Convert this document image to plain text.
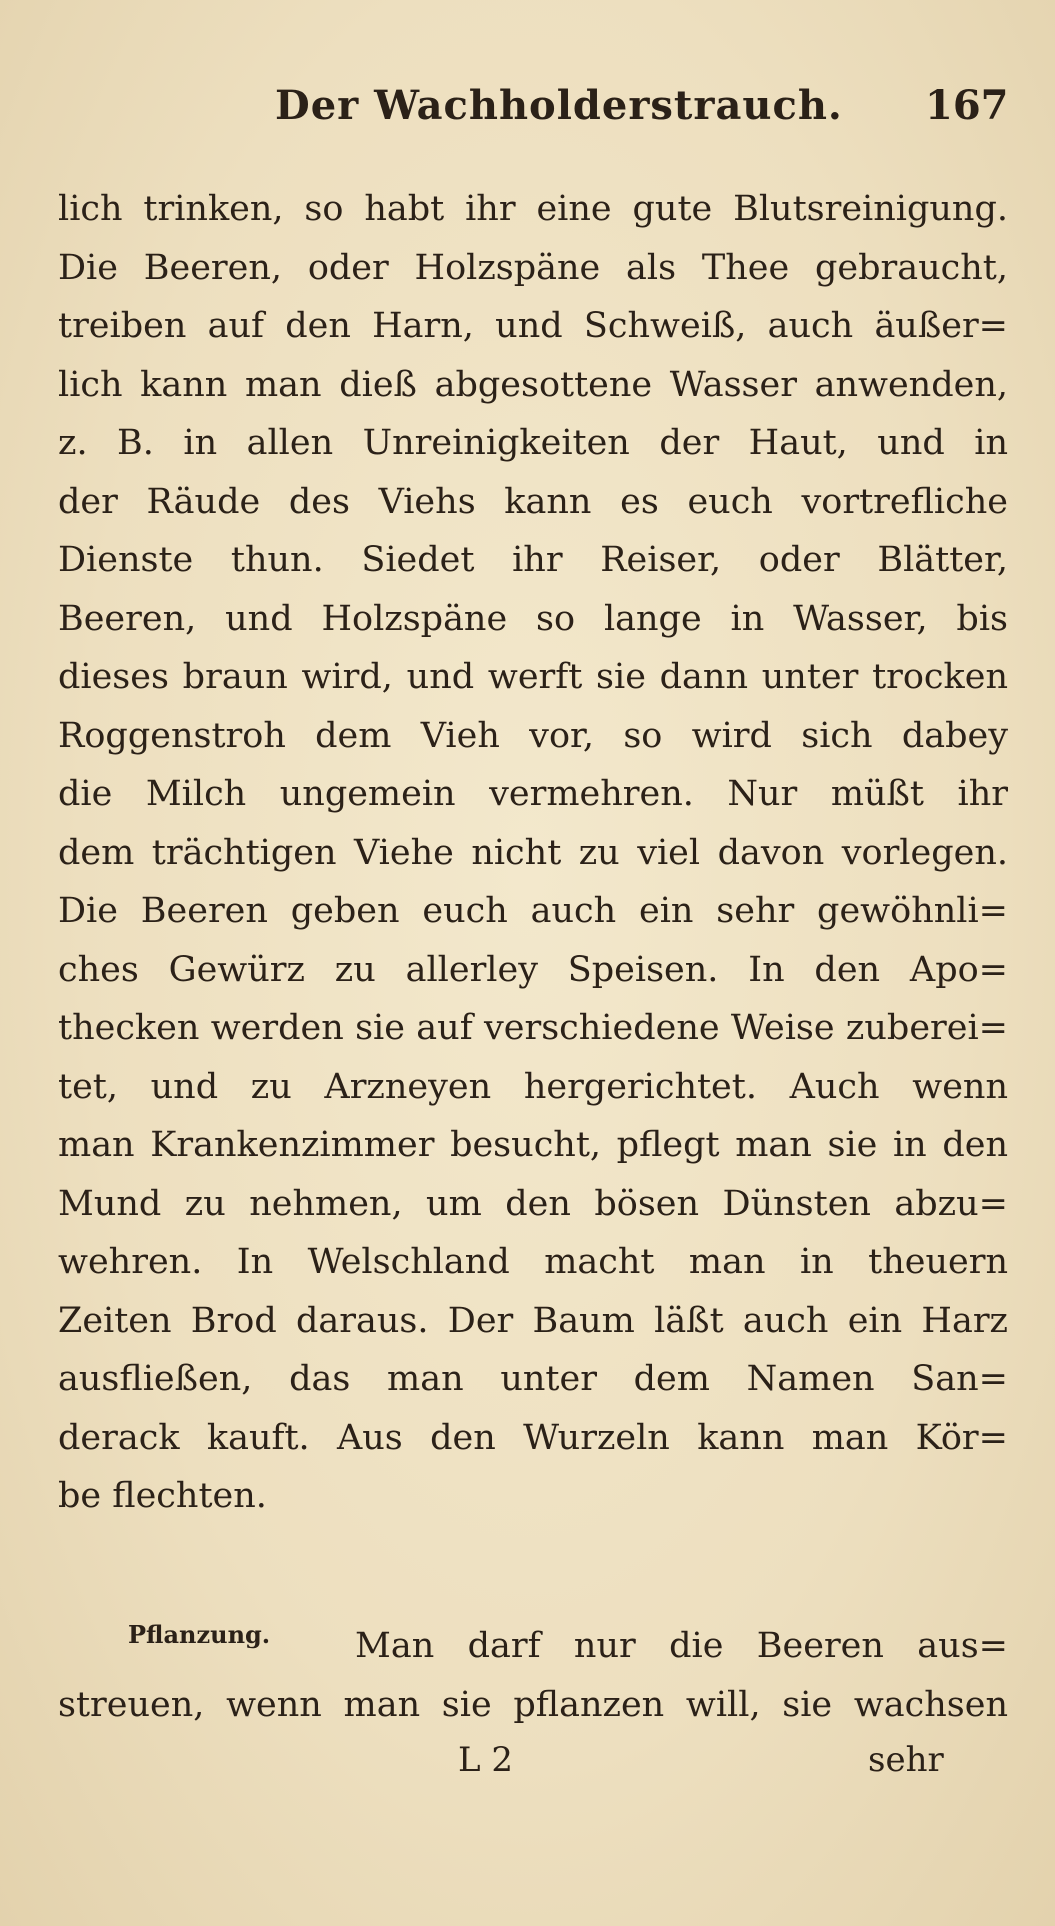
Der Wachholderstrauch. 167
lich trinken, so habt ihr eine gute Blutsreinigung.
Die Beeren, oder Holzspäne als Thee gebraucht,
treiben auf den Harn, und Schweiß, auch äußer=
lich kann man dieß abgesottene Wasser anwenden,
z. B. in allen Unreinigkeiten der Haut, und in
der Räude des Viehs kann es euch vortrefliche
Dienste thun. Siedet ihr Reiser, oder Blätter,
Beeren, und Holzspäne so lange in Wasser, bis
dieses braun wird, und werft sie dann unter trocken
Roggenstroh dem Vieh vor, so wird sich dabey
die Milch ungemein vermehren. Nur müßt ihr
dem trächtigen Viehe nicht zu viel davon vorlegen.
Die Beeren geben euch auch ein sehr gewöhnli=
ches Gewürz zu allerley Speisen. In den Apo=
thecken werden sie auf verschiedene Weise zuberei=
tet, und zu Arzneyen hergerichtet. Auch wenn
man Krankenzimmer besucht, pflegt man sie in den
Mund zu nehmen, um den bösen Dünsten abzu=
wehren. In Welschland macht man in theuern
Zeiten Brod daraus. Der Baum läßt auch ein Harz
ausfließen, das man unter dem Namen San=
derack kauft. Aus den Wurzeln kann man Kör=
be flechten.
Pflanzung.	Man darf nur die Beeren aus=
streuen, wenn man sie pflanzen will, sie wachsen
L 2	sehr
